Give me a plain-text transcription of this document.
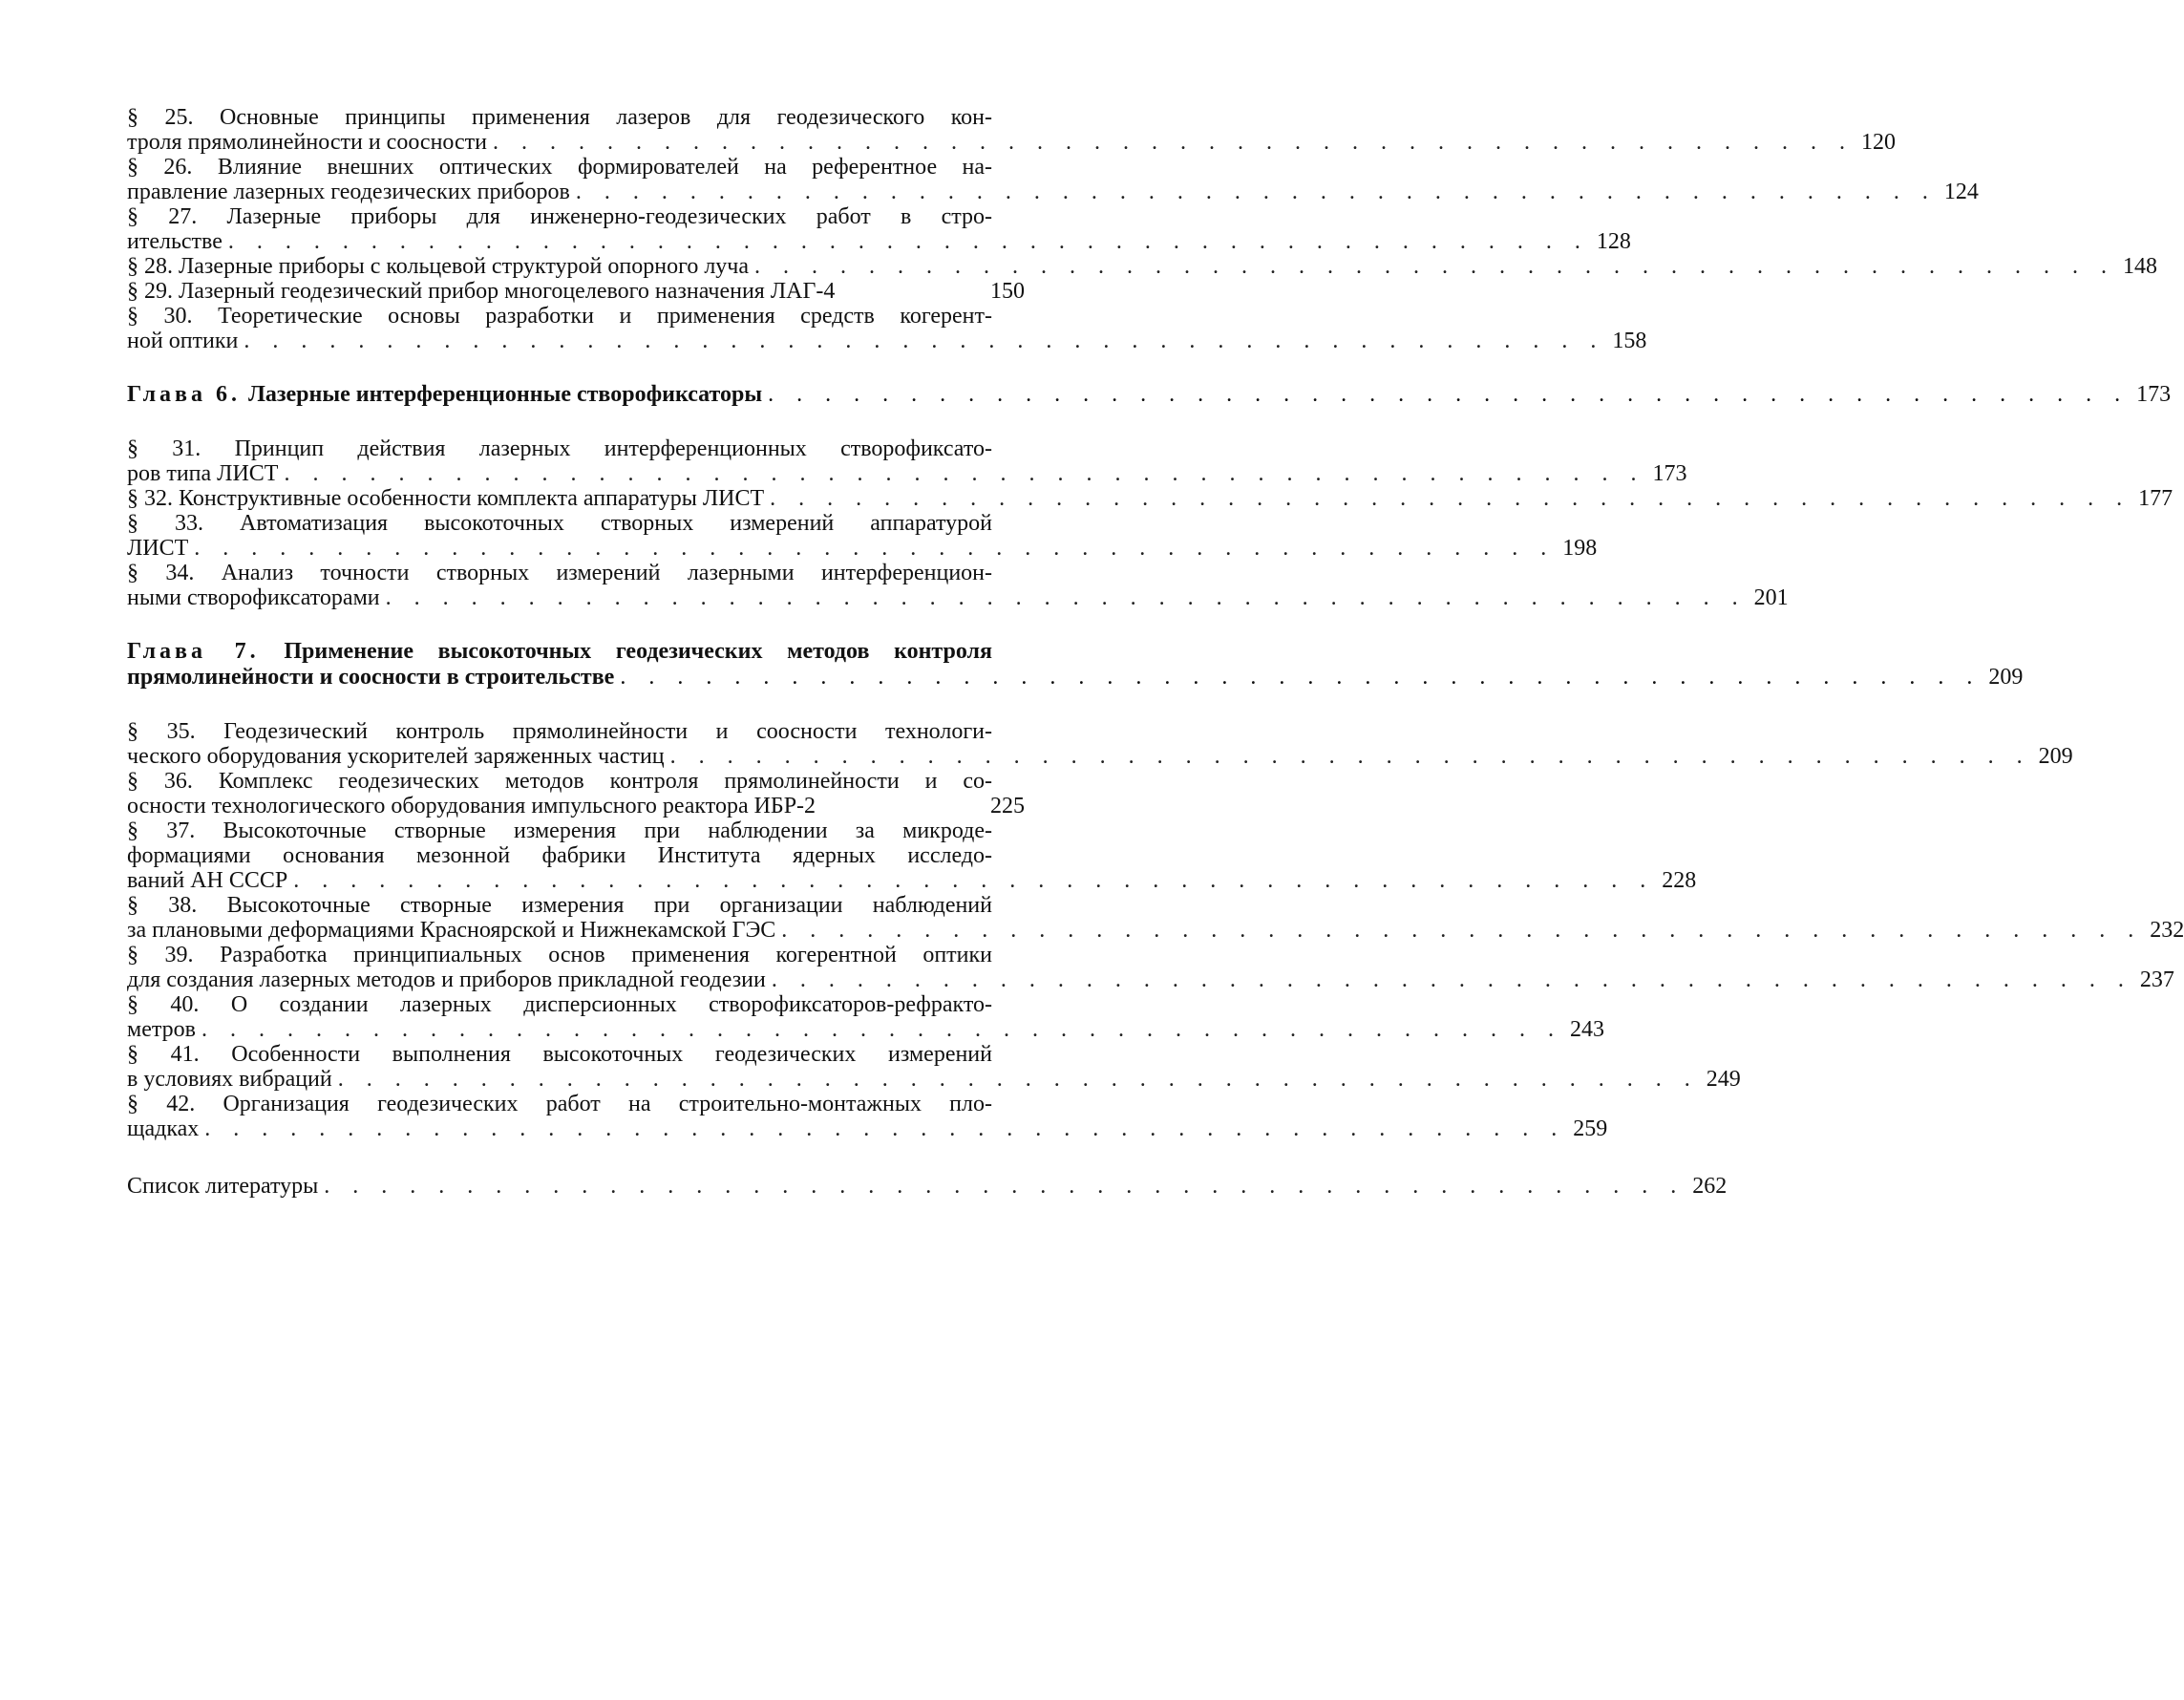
§ 25. Основные принципы применения лазеров для геодезического кон-
троля прямолинейности и соосности . . . . . . . . . . . . . . . . . . . . . . . . . . . . . . . . . . . . . . . . . . . . . . . . 120
§ 26. Влияние внешних оптических формирователей на референтное на-
правление лазерных геодезических приборов . . . . . . . . . . . . . . . . . . . . . . . . . . . . . . . . . . . . . . . . . . . . . . . . 124
§ 27. Лазерные приборы для инженерно-геодезических работ в стро-
ительстве . . . . . . . . . . . . . . . . . . . . . . . . . . . . . . . . . . . . . . . . . . . . . . . . 128
§ 28. Лазерные приборы с кольцевой структурой опорного луча . . . . . . . . . . . . . . . . . . . . . . . . . . . . . . . . . . . . . . . . . . . . . . . . 148
§ 29. Лазерный геодезический прибор многоцелевого назначения ЛАГ-4	150
§ 30. Теоретические основы разработки и применения средств когерент-
ной оптики . . . . . . . . . . . . . . . . . . . . . . . . . . . . . . . . . . . . . . . . . . . . . . . . 158
Глава 6. Лазерные интерференционные створофиксаторы . . . . . . . . . . . . . . . . . . . . . . . . . . . . . . . . . . . . . . . . . . . . . . . . 173
§ 31. Принцип действия лазерных интерференционных створофиксато-
ров типа ЛИСТ . . . . . . . . . . . . . . . . . . . . . . . . . . . . . . . . . . . . . . . . . . . . . . . . 173
§ 32. Конструктивные особенности комплекта аппаратуры ЛИСТ . . . . . . . . . . . . . . . . . . . . . . . . . . . . . . . . . . . . . . . . . . . . . . . . 177
§ 33. Автоматизация высокоточных створных измерений аппаратурой
ЛИСТ . . . . . . . . . . . . . . . . . . . . . . . . . . . . . . . . . . . . . . . . . . . . . . . . 198
§ 34. Анализ точности створных измерений лазерными интерференцион-
ными створофиксаторами . . . . . . . . . . . . . . . . . . . . . . . . . . . . . . . . . . . . . . . . . . . . . . . . 201
Глава 7. Применение высокоточных геодезических методов контроля
прямолинейности и соосности в строительстве . . . . . . . . . . . . . . . . . . . . . . . . . . . . . . . . . . . . . . . . . . . . . . . . 209
§ 35. Геодезический контроль прямолинейности и соосности технологи-
ческого оборудования ускорителей заряженных частиц . . . . . . . . . . . . . . . . . . . . . . . . . . . . . . . . . . . . . . . . . . . . . . . . 209
§ 36. Комплекс геодезических методов контроля прямолинейности и со-
осности технологического оборудования импульсного реактора ИБР-2	225
§ 37. Высокоточные створные измерения при наблюдении за микроде-
формациями основания мезонной фабрики Института ядерных исследо-
ваний АН СССР . . . . . . . . . . . . . . . . . . . . . . . . . . . . . . . . . . . . . . . . . . . . . . . . 228
§ 38. Высокоточные створные измерения при организации наблюдений
за плановыми деформациями Красноярской и Нижнекамской ГЭС . . . . . . . . . . . . . . . . . . . . . . . . . . . . . . . . . . . . . . . . . . . . . . . . 232
§ 39. Разработка принципиальных основ применения когерентной оптики
для создания лазерных методов и приборов прикладной геодезии . . . . . . . . . . . . . . . . . . . . . . . . . . . . . . . . . . . . . . . . . . . . . . . . 237
§ 40. О создании лазерных дисперсионных створофиксаторов-рефракто-
метров . . . . . . . . . . . . . . . . . . . . . . . . . . . . . . . . . . . . . . . . . . . . . . . . 243
§ 41. Особенности выполнения высокоточных геодезических измерений
в условиях вибраций . . . . . . . . . . . . . . . . . . . . . . . . . . . . . . . . . . . . . . . . . . . . . . . . 249
§ 42. Организация геодезических работ на строительно-монтажных пло-
щадках . . . . . . . . . . . . . . . . . . . . . . . . . . . . . . . . . . . . . . . . . . . . . . . . 259
Список литературы . . . . . . . . . . . . . . . . . . . . . . . . . . . . . . . . . . . . . . . . . . . . . . . . 262
